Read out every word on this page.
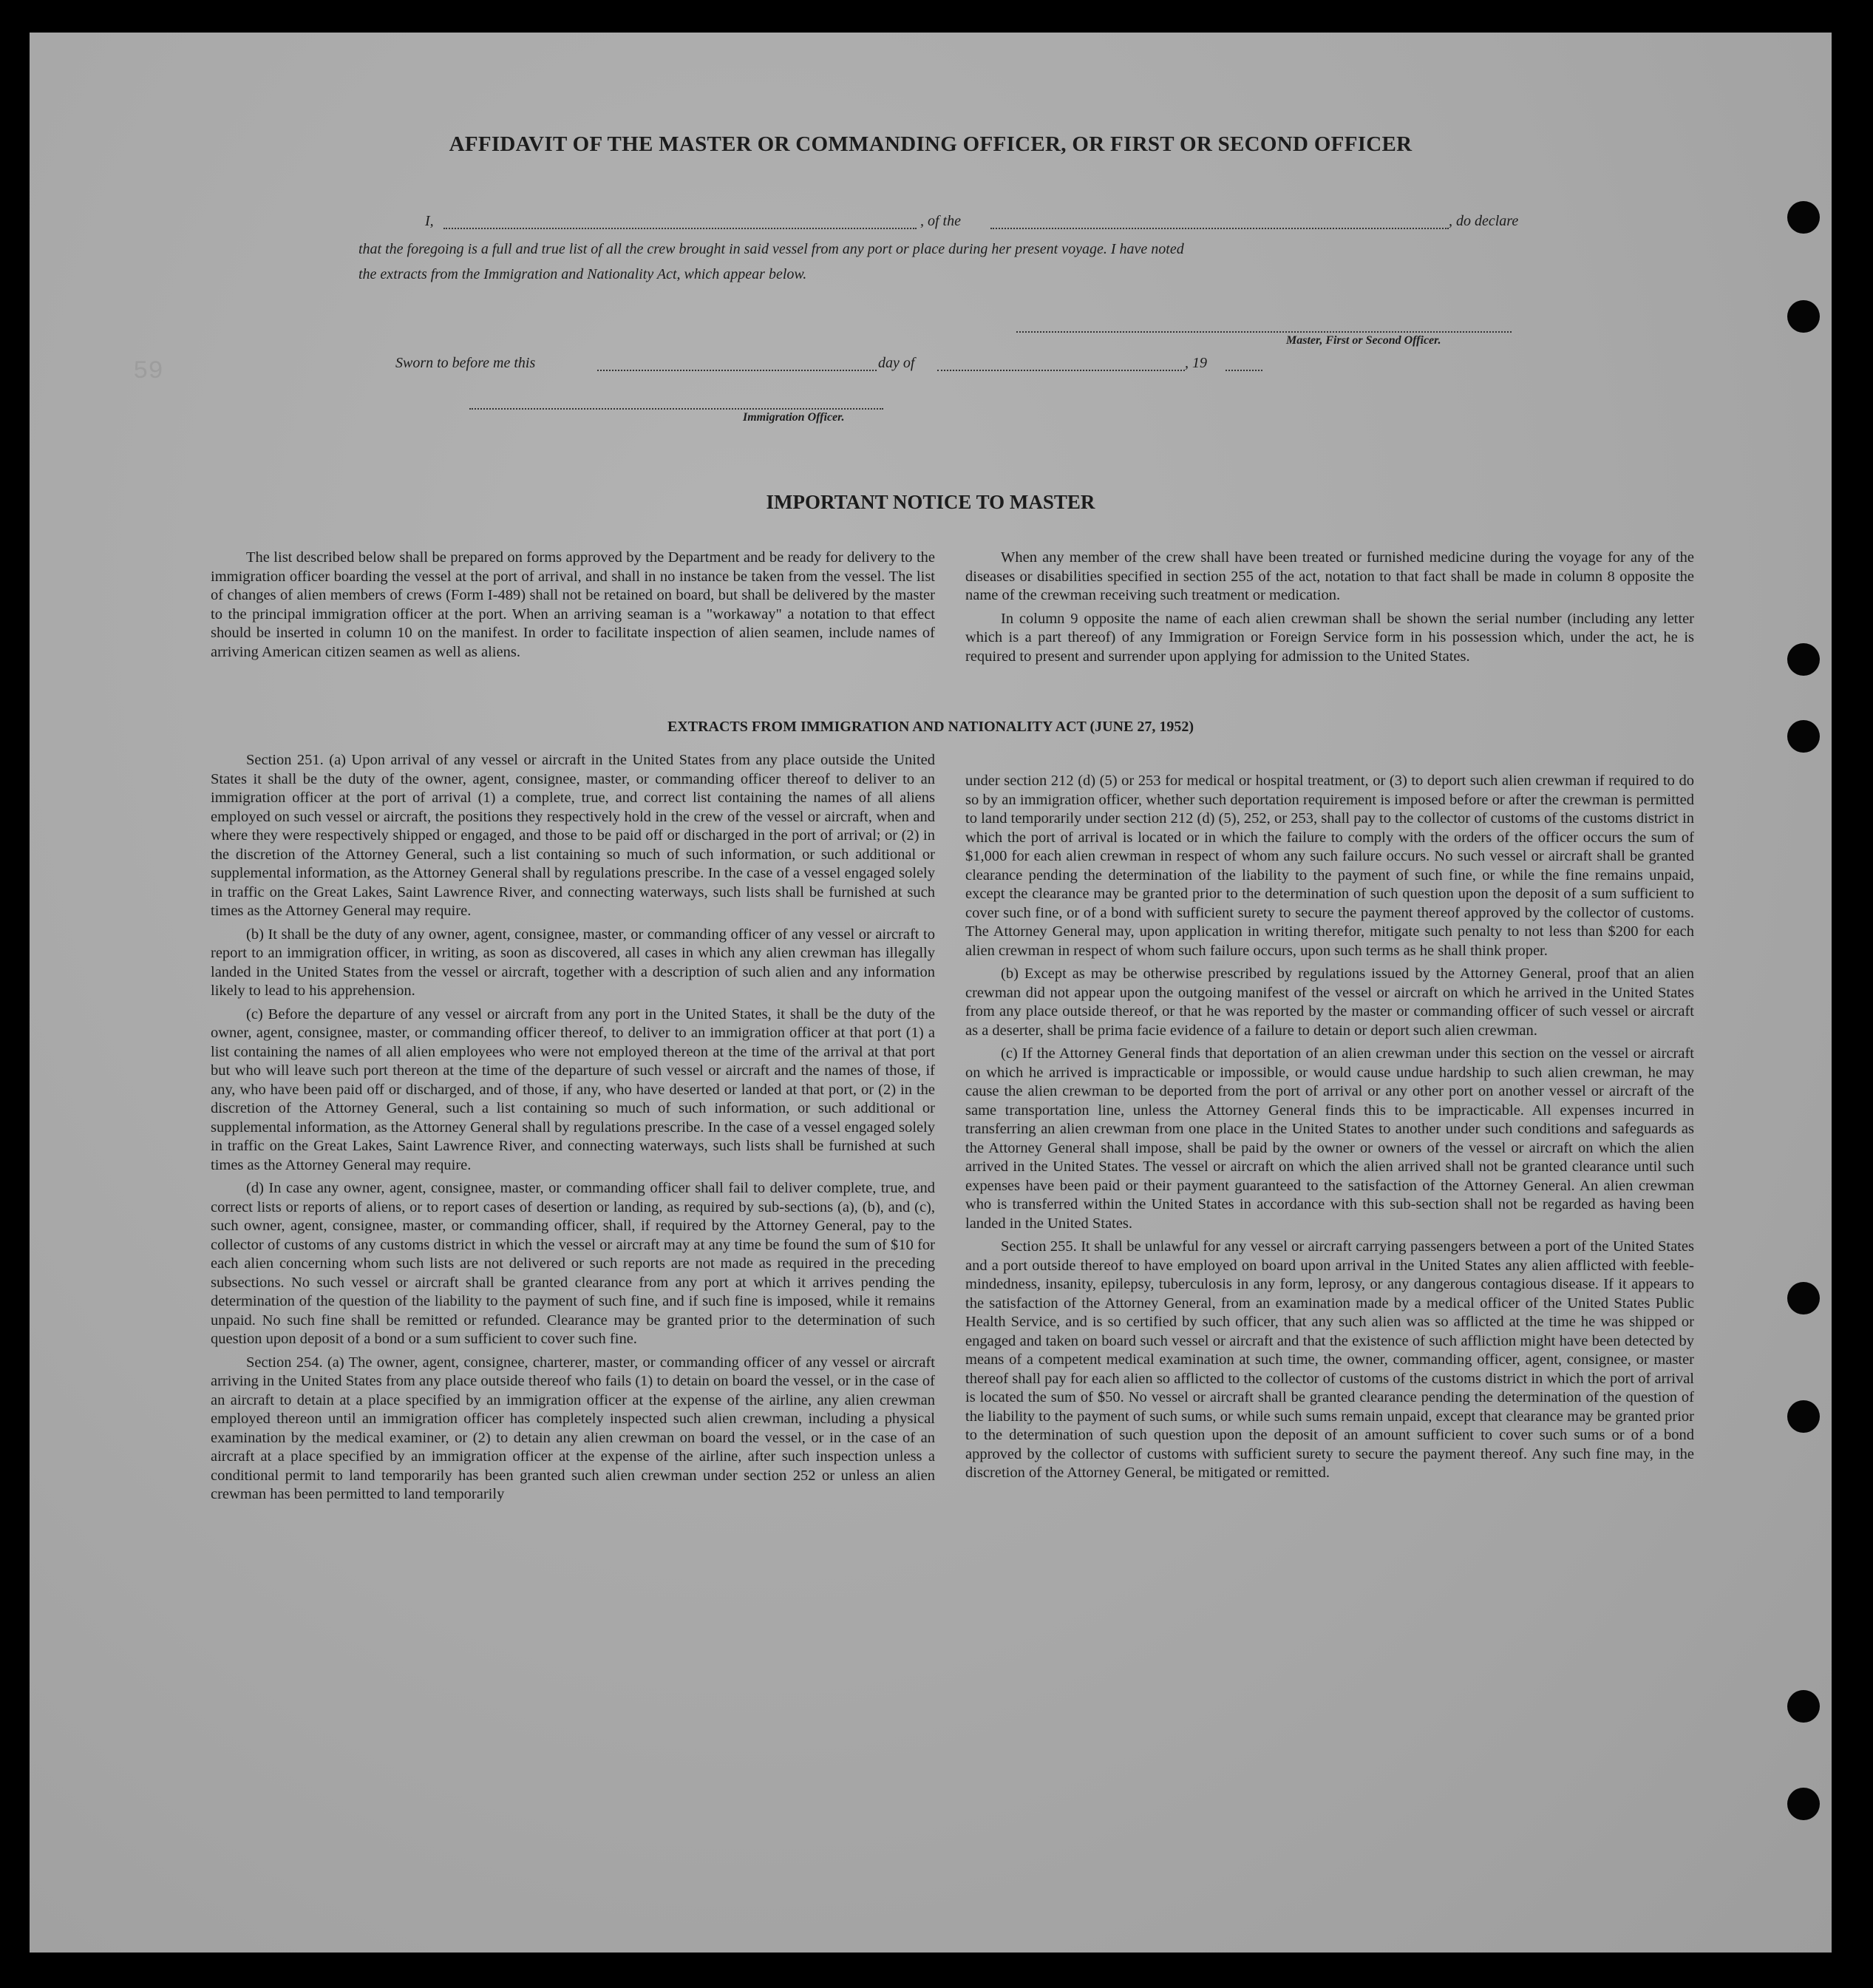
59
AFFIDAVIT OF THE MASTER OR COMMANDING OFFICER, OR FIRST OR SECOND OFFICER
I,	, of the	, do declare
that the foregoing is a full and true list of all the crew brought in said vessel from any port or place during her present voyage. I have noted
the extracts from the Immigration and Nationality Act, which appear below.
Master, First or Second Officer.
Sworn to before me this	day of	, 19
Immigration Officer.
IMPORTANT NOTICE TO MASTER

The list described below shall be prepared on forms approved by the Department and be ready for delivery to the immigration officer boarding the vessel at the port of arrival, and shall in no instance be taken from the vessel. The list of changes of alien members of crews (Form I-489) shall not be retained on board, but shall be delivered by the master to the principal immigration officer at the port. When an arriving seaman is a "workaway" a notation to that effect should be inserted in column 10 on the manifest. In order to facilitate inspection of alien seamen, include names of arriving American citizen seamen as well as aliens.

When any member of the crew shall have been treated or furnished medicine during the voyage for any of the diseases or disabilities specified in section 255 of the act, notation to that fact shall be made in column 8 opposite the name of the crewman receiving such treatment or medication.

In column 9 opposite the name of each alien crewman shall be shown the serial number (including any letter which is a part thereof) of any Immigration or Foreign Service form in his possession which, under the act, he is required to present and surrender upon applying for admission to the United States.

EXTRACTS FROM IMMIGRATION AND NATIONALITY ACT (JUNE 27, 1952)

Section 251. (a) Upon arrival of any vessel or aircraft in the United States from any place outside the United States it shall be the duty of the owner, agent, consignee, master, or commanding officer thereof to deliver to an immigration officer at the port of arrival (1) a complete, true, and correct list containing the names of all aliens employed on such vessel or aircraft, the positions they respectively hold in the crew of the vessel or aircraft, when and where they were respectively shipped or engaged, and those to be paid off or discharged in the port of arrival; or (2) in the discretion of the Attorney General, such a list containing so much of such information, or such additional or supplemental information, as the Attorney General shall by regulations prescribe. In the case of a vessel engaged solely in traffic on the Great Lakes, Saint Lawrence River, and connecting waterways, such lists shall be furnished at such times as the Attorney General may require.

(b) It shall be the duty of any owner, agent, consignee, master, or commanding officer of any vessel or aircraft to report to an immigration officer, in writing, as soon as discovered, all cases in which any alien crewman has illegally landed in the United States from the vessel or aircraft, together with a description of such alien and any information likely to lead to his apprehension.

(c) Before the departure of any vessel or aircraft from any port in the United States, it shall be the duty of the owner, agent, consignee, master, or commanding officer thereof, to deliver to an immigration officer at that port (1) a list containing the names of all alien employees who were not employed thereon at the time of the arrival at that port but who will leave such port thereon at the time of the departure of such vessel or aircraft and the names of those, if any, who have been paid off or discharged, and of those, if any, who have deserted or landed at that port, or (2) in the discretion of the Attorney General, such a list containing so much of such information, or such additional or supplemental information, as the Attorney General shall by regulations prescribe. In the case of a vessel engaged solely in traffic on the Great Lakes, Saint Lawrence River, and connecting waterways, such lists shall be furnished at such times as the Attorney General may require.

(d) In case any owner, agent, consignee, master, or commanding officer shall fail to deliver complete, true, and correct lists or reports of aliens, or to report cases of desertion or landing, as required by sub-sections (a), (b), and (c), such owner, agent, consignee, master, or commanding officer, shall, if required by the Attorney General, pay to the collector of customs of any customs district in which the vessel or aircraft may at any time be found the sum of $10 for each alien concerning whom such lists are not delivered or such reports are not made as required in the preceding subsections. No such vessel or aircraft shall be granted clearance from any port at which it arrives pending the determination of the question of the liability to the payment of such fine, and if such fine is imposed, while it remains unpaid. No such fine shall be remitted or refunded. Clearance may be granted prior to the determination of such question upon deposit of a bond or a sum sufficient to cover such fine.

Section 254. (a) The owner, agent, consignee, charterer, master, or commanding officer of any vessel or aircraft arriving in the United States from any place outside thereof who fails (1) to detain on board the vessel, or in the case of an aircraft to detain at a place specified by an immigration officer at the expense of the airline, any alien crewman employed thereon until an immigration officer has completely inspected such alien crewman, including a physical examination by the medical examiner, or (2) to detain any alien crewman on board the vessel, or in the case of an aircraft at a place specified by an immigration officer at the expense of the airline, after such inspection unless a conditional permit to land temporarily has been granted such alien crewman under section 252 or unless an alien crewman has been permitted to land temporarily

under section 212 (d) (5) or 253 for medical or hospital treatment, or (3) to deport such alien crewman if required to do so by an immigration officer, whether such deportation requirement is imposed before or after the crewman is permitted to land temporarily under section 212 (d) (5), 252, or 253, shall pay to the collector of customs of the customs district in which the port of arrival is located or in which the failure to comply with the orders of the officer occurs the sum of $1,000 for each alien crewman in respect of whom any such failure occurs. No such vessel or aircraft shall be granted clearance pending the determination of the liability to the payment of such fine, or while the fine remains unpaid, except the clearance may be granted prior to the determination of such question upon the deposit of a sum sufficient to cover such fine, or of a bond with sufficient surety to secure the payment thereof approved by the collector of customs. The Attorney General may, upon application in writing therefor, mitigate such penalty to not less than $200 for each alien crewman in respect of whom such failure occurs, upon such terms as he shall think proper.

(b) Except as may be otherwise prescribed by regulations issued by the Attorney General, proof that an alien crewman did not appear upon the outgoing manifest of the vessel or aircraft on which he arrived in the United States from any place outside thereof, or that he was reported by the master or commanding officer of such vessel or aircraft as a deserter, shall be prima facie evidence of a failure to detain or deport such alien crewman.

(c) If the Attorney General finds that deportation of an alien crewman under this section on the vessel or aircraft on which he arrived is impracticable or impossible, or would cause undue hardship to such alien crewman, he may cause the alien crewman to be deported from the port of arrival or any other port on another vessel or aircraft of the same transportation line, unless the Attorney General finds this to be impracticable. All expenses incurred in transferring an alien crewman from one place in the United States to another under such conditions and safeguards as the Attorney General shall impose, shall be paid by the owner or owners of the vessel or aircraft on which the alien arrived in the United States. The vessel or aircraft on which the alien arrived shall not be granted clearance until such expenses have been paid or their payment guaranteed to the satisfaction of the Attorney General. An alien crewman who is transferred within the United States in accordance with this sub-section shall not be regarded as having been landed in the United States.

Section 255. It shall be unlawful for any vessel or aircraft carrying passengers between a port of the United States and a port outside thereof to have employed on board upon arrival in the United States any alien afflicted with feeble-mindedness, insanity, epilepsy, tuberculosis in any form, leprosy, or any dangerous contagious disease. If it appears to the satisfaction of the Attorney General, from an examination made by a medical officer of the United States Public Health Service, and is so certified by such officer, that any such alien was so afflicted at the time he was shipped or engaged and taken on board such vessel or aircraft and that the existence of such affliction might have been detected by means of a competent medical examination at such time, the owner, commanding officer, agent, consignee, or master thereof shall pay for each alien so afflicted to the collector of customs of the customs district in which the port of arrival is located the sum of $50. No vessel or aircraft shall be granted clearance pending the determination of the question of the liability to the payment of such sums, or while such sums remain unpaid, except that clearance may be granted prior to the determination of such question upon the deposit of an amount sufficient to cover such sums or of a bond approved by the collector of customs with sufficient surety to secure the payment thereof. Any such fine may, in the discretion of the Attorney General, be mitigated or remitted.
